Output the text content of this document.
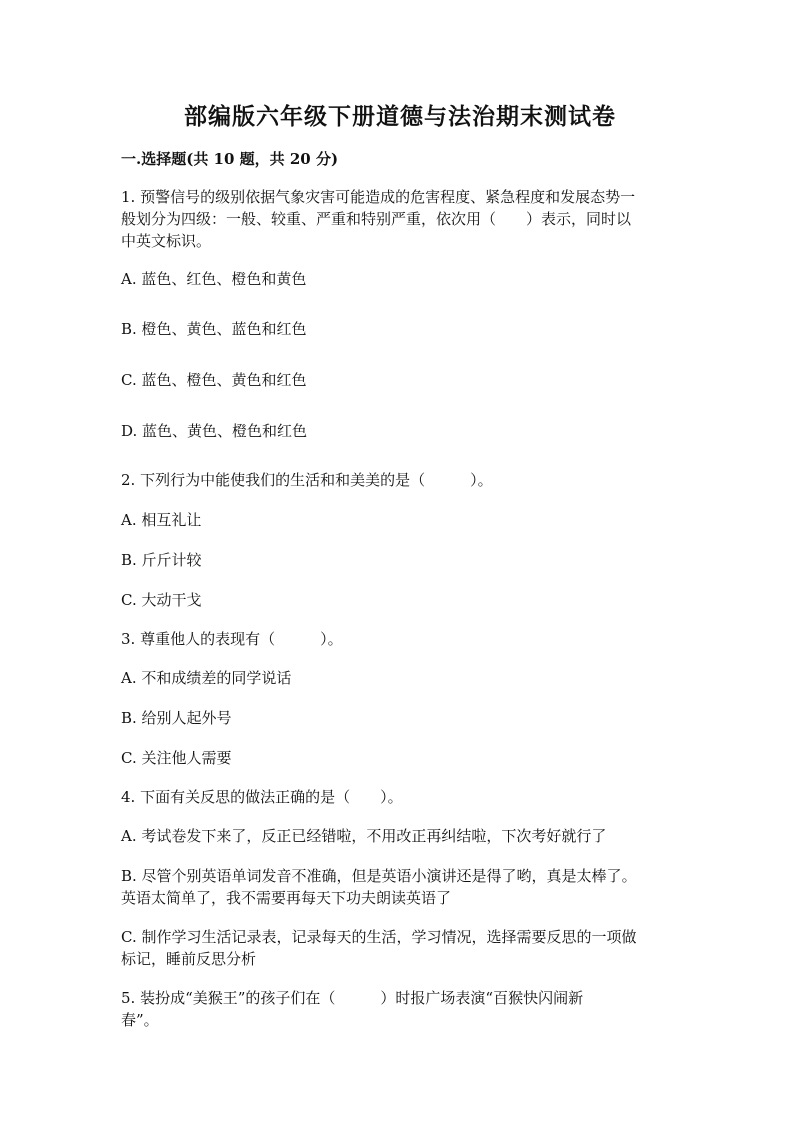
部编版六年级下册道德与法治期末测试卷

一.选择题(共 10 题，共 20 分)

1. 预警信号的级别依据气象灾害可能造成的危害程度、紧急程度和发展态势一

般划分为四级：一般、较重、严重和特别严重，依次用（　　）表示，同时以

中英文标识。

A. 蓝色、红色、橙色和黄色

B. 橙色、黄色、蓝色和红色

C. 蓝色、橙色、黄色和红色

D. 蓝色、黄色、橙色和红色

2. 下列行为中能使我们的生活和和美美的是（　　　）。

A. 相互礼让

B. 斤斤计较

C. 大动干戈

3. 尊重他人的表现有（　　　）。

A. 不和成绩差的同学说话

B. 给别人起外号

C. 关注他人需要

4. 下面有关反思的做法正确的是（　　）。

A. 考试卷发下来了，反正已经错啦，不用改正再纠结啦，下次考好就行了

B. 尽管个别英语单词发音不准确，但是英语小演讲还是得了哟，真是太棒了。

英语太简单了，我不需要再每天下功夫朗读英语了

C. 制作学习生活记录表，记录每天的生活，学习情况，选择需要反思的一项做

标记，睡前反思分析

5. 装扮成“美猴王”的孩子们在（　　　）时报广场表演“百猴快闪闹新

春”。
